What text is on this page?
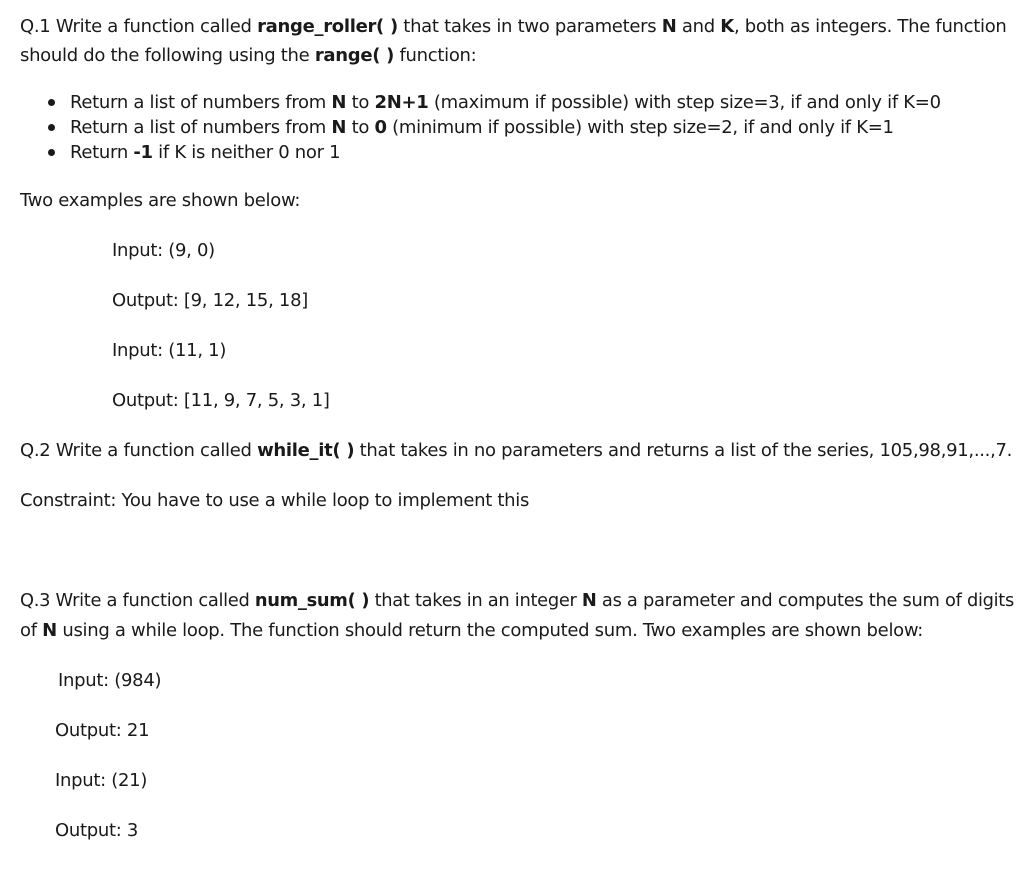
Q.1 Write a function called range_roller( ) that takes in two parameters N and K, both as integers. The function
should do the following using the range( ) function:
Return a list of numbers from N to 2N+1 (maximum if possible) with step size=3, if and only if K=0
Return a list of numbers from N to 0 (minimum if possible) with step size=2, if and only if K=1
Return -1 if K is neither 0 nor 1
Two examples are shown below:
Input: (9, 0)
Output: [9, 12, 15, 18]
Input: (11, 1)
Output: [11, 9, 7, 5, 3, 1]
Q.2 Write a function called while_it( ) that takes in no parameters and returns a list of the series, 105,98,91,...,7.
Constraint: You have to use a while loop to implement this
Q.3 Write a function called num_sum( ) that takes in an integer N as a parameter and computes the sum of digits
of N using a while loop. The function should return the computed sum. Two examples are shown below:
Input: (984)
Output: 21
Input: (21)
Output: 3
